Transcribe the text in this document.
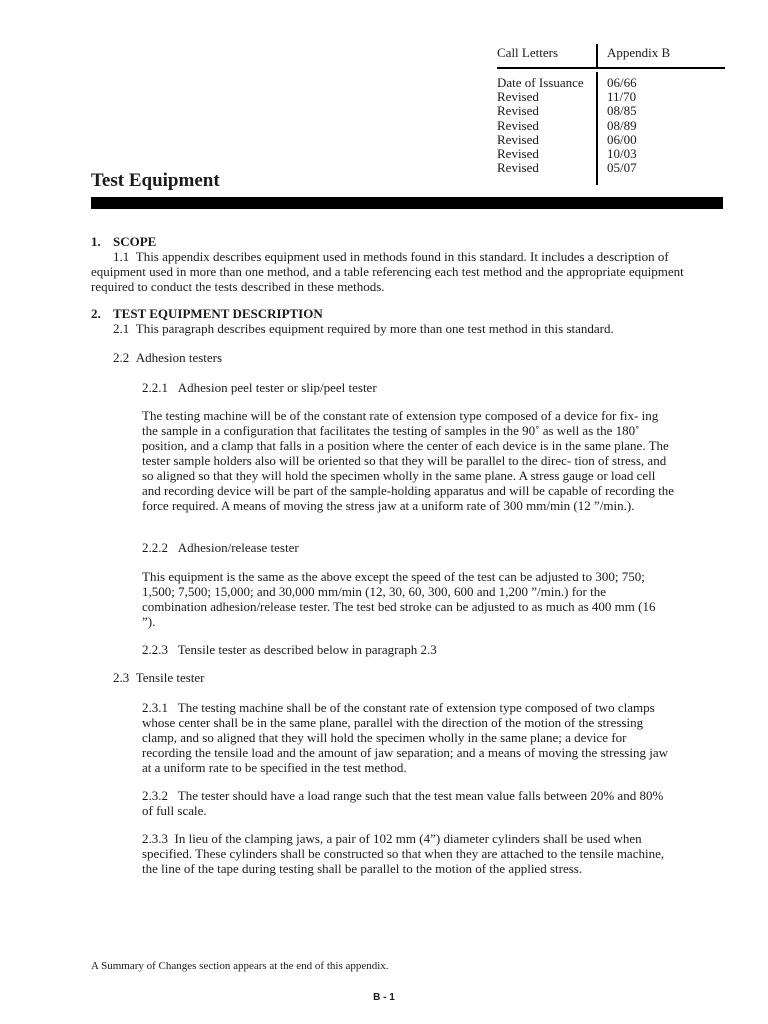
Call Letters	Appendix B
Date of Issuance 06/66
Revised	11/70
Revised	08/85
Revised	08/89
Revised	06/00
Revised	10/03
Revised	05/07
Test Equipment
1. SCOPE

1.1 This appendix describes equipment used in methods found in this standard. It includes a description of equipment used in more than one method, and a table referencing each test method and the appropriate equipment required to conduct the tests described in these methods.

2. TEST EQUIPMENT DESCRIPTION
2.1 This paragraph describes equipment required by more than one test method in this standard.
2.2 Adhesion testers
2.2.1 Adhesion peel tester or slip/peel tester
The testing machine will be of the constant rate of extension type composed of a device for fix- ing the sample in a configuration that facilitates the testing of samples in the 90˚ as well as the 180˚ position, and a clamp that falls in a position where the center of each device is in the same plane. The tester sample holders also will be oriented so that they will be parallel to the direc- tion of stress, and so aligned so that they will hold the specimen wholly in the same plane. A stress gauge or load cell and recording device will be part of the sample-holding apparatus and will be capable of recording the force required. A means of moving the stress jaw at a uniform rate of 300 mm/min (12 ”/min.).
2.2.2 Adhesion/release tester
This equipment is the same as the above except the speed of the test can be adjusted to 300; 750; 1,500; 7,500; 15,000; and 30,000 mm/min (12, 30, 60, 300, 600 and 1,200 ”/min.) for the combination adhesion/release tester. The test bed stroke can be adjusted to as much as 400 mm (16 ”).
2.2.3 Tensile tester as described below in paragraph 2.3
2.3 Tensile tester
2.3.1 The testing machine shall be of the constant rate of extension type composed of two clamps whose center shall be in the same plane, parallel with the direction of the motion of the stressing clamp, and so aligned that they will hold the specimen wholly in the same plane; a device for recording the tensile load and the amount of jaw separation; and a means of moving the stressing jaw at a uniform rate to be specified in the test method.
2.3.2 The tester should have a load range such that the test mean value falls between 20% and 80% of full scale.
2.3.3 In lieu of the clamping jaws, a pair of 102 mm (4”) diameter cylinders shall be used when specified. These cylinders shall be constructed so that when they are attached to the tensile machine, the line of the tape during testing shall be parallel to the motion of the applied stress.
A Summary of Changes section appears at the end of this appendix.
B - 1
